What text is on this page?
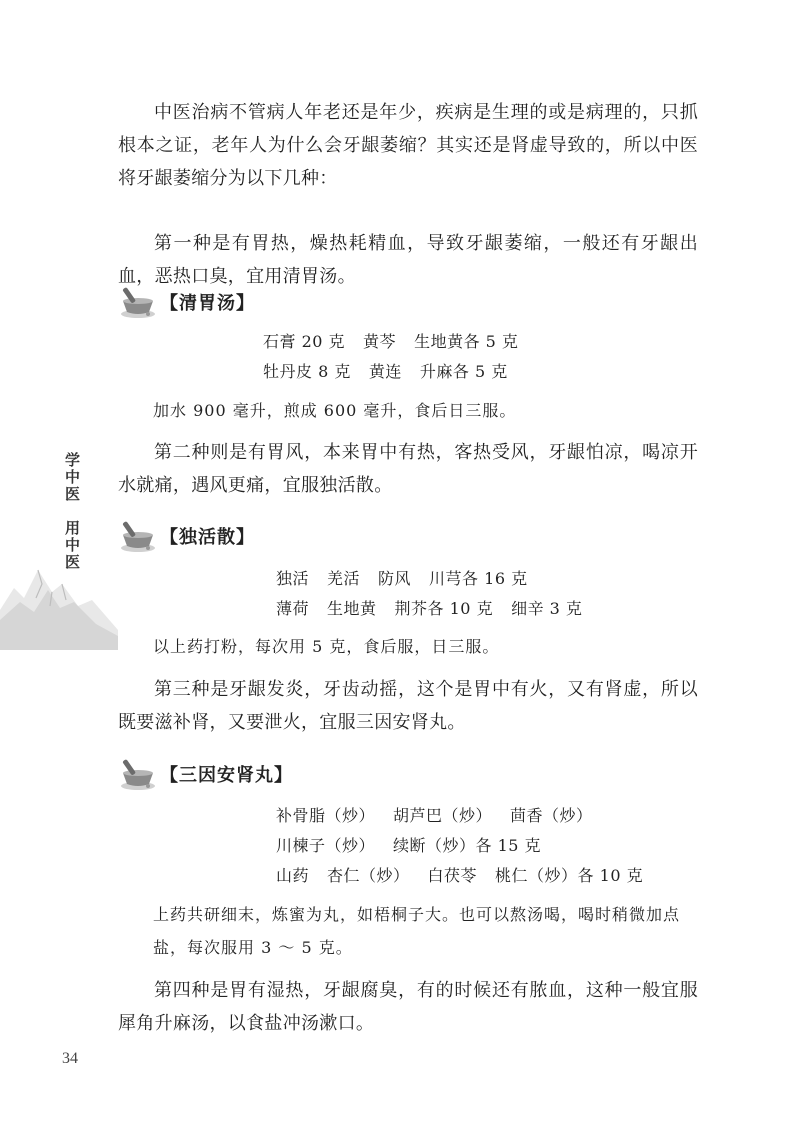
中医治病不管病人年老还是年少，疾病是生理的或是病理的，只抓根本之证，老年人为什么会牙龈萎缩？其实还是肾虚导致的，所以中医将牙龈萎缩分为以下几种：

第一种是有胃热，燥热耗精血，导致牙龈萎缩，一般还有牙龈出血，恶热口臭，宜用清胃汤。

【清胃汤】
石膏 20 克 黄芩 生地黄各 5 克
牡丹皮 8 克 黄连 升麻各 5 克

加水 900 毫升，煎成 600 毫升，食后日三服。

第二种则是有胃风，本来胃中有热，客热受风，牙龈怕凉，喝凉开水就痛，遇风更痛，宜服独活散。

【独活散】
独活 羌活 防风 川芎各 16 克
薄荷 生地黄 荆芥各 10 克 细辛 3 克

以上药打粉，每次用 5 克，食后服，日三服。

第三种是牙龈发炎，牙齿动摇，这个是胃中有火，又有肾虚，所以既要滋补肾，又要泄火，宜服三因安肾丸。

【三因安肾丸】
补骨脂（炒） 胡芦巴（炒） 茴香（炒）
川楝子（炒） 续断（炒）各 15 克
山药 杏仁（炒） 白茯苓 桃仁（炒）各 10 克

上药共研细末，炼蜜为丸，如梧桐子大。也可以熬汤喝，喝时稍微加点盐，每次服用 3 ～ 5 克。

第四种是胃有湿热，牙龈腐臭，有的时候还有脓血，这种一般宜服犀角升麻汤，以食盐冲汤漱口。

学中医　用中医
34
